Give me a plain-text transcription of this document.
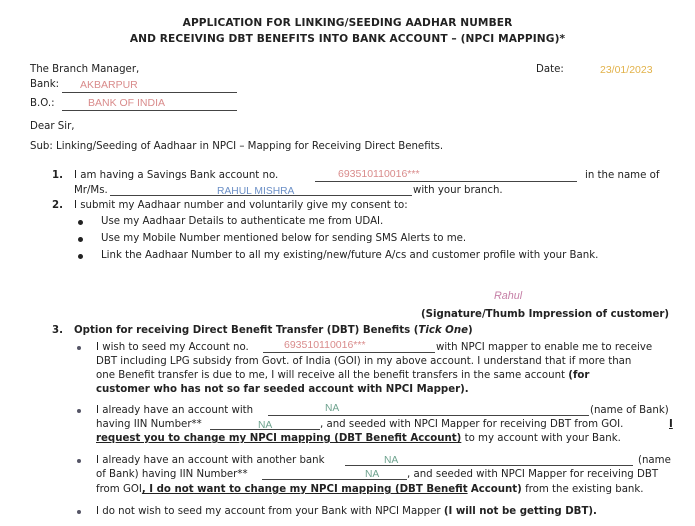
APPLICATION FOR LINKING/SEEDING AADHAR NUMBER
AND RECEIVING DBT BENEFITS INTO BANK ACCOUNT – (NPCI MAPPING)*
The Branch Manager,
Bank: AKBARPUR
B.O.:	BANK OF INDIA
Date:	23/01/2023
Dear Sir,
Sub: Linking/Seeding of Aadhaar in NPCI – Mapping for Receiving Direct Benefits.
1. I am having a Savings Bank account no.	693510110016***	in the name of
Mr/Ms.	RAHUL MISHRA	with your branch.
2. I submit my Aadhaar number and voluntarily give my consent to:
Use my Aadhaar Details to authenticate me from UDAI.
Use my Mobile Number mentioned below for sending SMS Alerts to me.
Link the Aadhaar Number to all my existing/new/future A/cs and customer profile with your Bank.
Rahul
(Signature/Thumb Impression of customer)
3. Option for receiving Direct Benefit Transfer (DBT) Benefits (Tick One)
I wish to seed my Account no.	693510110016***	with NPCI mapper to enable me to receive
DBT including LPG subsidy from Govt. of India (GOI) in my above account. I understand that if more than
one Benefit transfer is due to me, I will receive all the benefit transfers in the same account (for
customer who has not so far seeded account with NPCI Mapper).
I already have an account with	NA	(name of Bank)
having IIN Number**	NA	, and seeded with NPCI Mapper for receiving DBT from GOI.	I
request you to change my NPCI mapping (DBT Benefit Account) to my account with your Bank.
I already have an account with another bank	NA	(name
of Bank) having IIN Number**	NA	, and seeded with NPCI Mapper for receiving DBT
from GOI, I do not want to change my NPCI mapping (DBT Benefit Account) from the existing bank.
I do not wish to seed my account from your Bank with NPCI Mapper (I will not be getting DBT).
